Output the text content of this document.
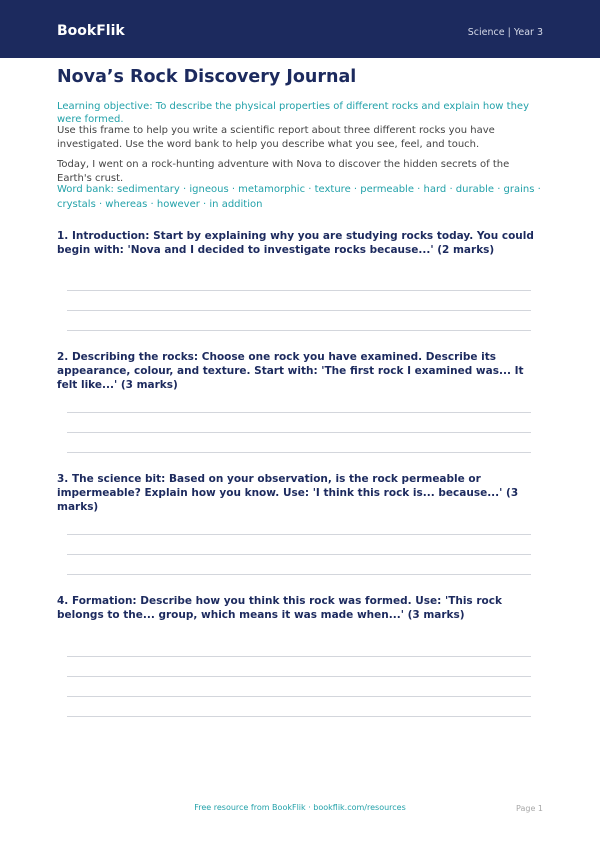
BookFlik	Science | Year 3
Nova’s Rock Discovery Journal

Learning objective: To describe the physical properties of different rocks and explain how they were formed.

Use this frame to help you write a scientific report about three different rocks you have investigated. Use the word bank to help you describe what you see, feel, and touch.

Today, I went on a rock-hunting adventure with Nova to discover the hidden secrets of the Earth's crust.

Word bank: sedimentary · igneous · metamorphic · texture · permeable · hard · durable · grains · crystals · whereas · however · in addition

1. Introduction: Start by explaining why you are studying rocks today. You could begin with: 'Nova and I decided to investigate rocks because...' (2 marks)

2. Describing the rocks: Choose one rock you have examined. Describe its appearance, colour, and texture. Start with: 'The first rock I examined was... It felt like...' (3 marks)

3. The science bit: Based on your observation, is the rock permeable or impermeable? Explain how you know. Use: 'I think this rock is... because...' (3 marks)

4. Formation: Describe how you think this rock was formed. Use: 'This rock belongs to the... group, which means it was made when...' (3 marks)

Free resource from BookFlik · bookflik.com/resources	Page 1
